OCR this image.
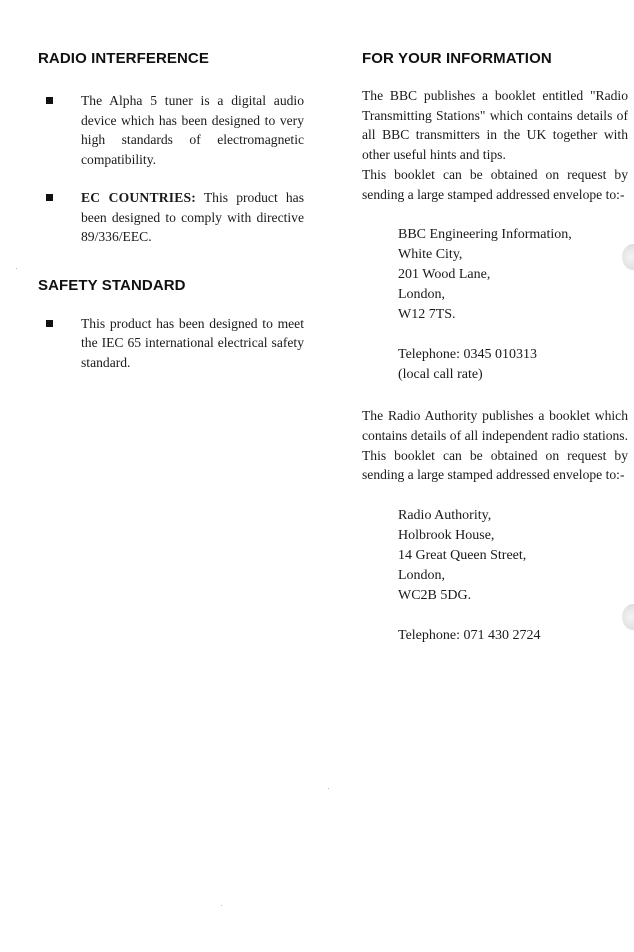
RADIO INTERFERENCE
The Alpha 5 tuner is a digital audio device which has been designed to very high standards of electromagnetic compatibility.
EC COUNTRIES: This product has been designed to comply with directive 89/336/EEC.
SAFETY STANDARD
This product has been designed to meet the IEC 65 international electrical safety standard.
FOR YOUR INFORMATION

The BBC publishes a booklet entitled "Radio Transmitting Stations" which contains details of all BBC transmitters in the UK together with other useful hints and tips.

This booklet can be obtained on request by sending a large stamped addressed envelope to:-

BBC Engineering Information,
White City,
201 Wood Lane,
London,
W12 7TS.
Telephone: 0345 010313
(local call rate)

The Radio Authority publishes a booklet which contains details of all independent radio stations. This booklet can be obtained on request by sending a large stamped addressed envelope to:-

Radio Authority,
Holbrook House,
14 Great Queen Street,
London,
WC2B 5DG.
Telephone: 071 430 2724
